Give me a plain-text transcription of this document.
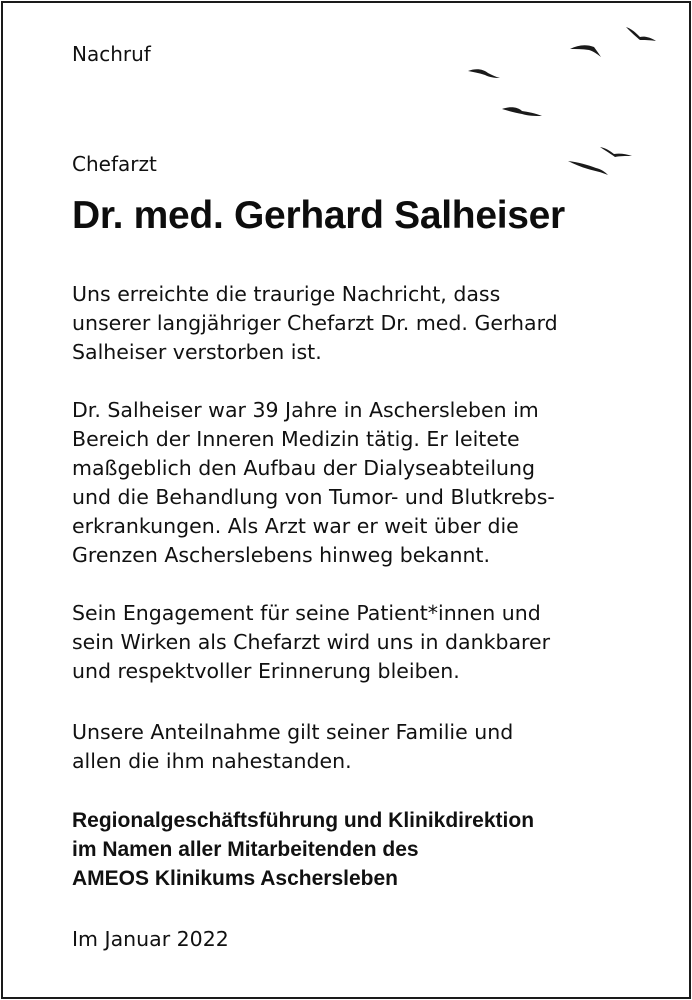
Nachruf

Chefarzt

Dr. med. Gerhard Salheiser
Uns erreichte die traurige Nachricht, dass
unserer langjähriger Chefarzt Dr. med. Gerhard
Salheiser verstorben ist.
Dr. Salheiser war 39 Jahre in Aschersleben im
Bereich der Inneren Medizin tätig. Er leitete
maßgeblich den Aufbau der Dialyseabteilung
und die Behandlung von Tumor- und Blutkrebs-
erkrankungen. Als Arzt war er weit über die
Grenzen Ascherslebens hinweg bekannt.
Sein Engagement für seine Patient*innen und
sein Wirken als Chefarzt wird uns in dankbarer
und respektvoller Erinnerung bleiben.
Unsere Anteilnahme gilt seiner Familie und
allen die ihm nahestanden.
Regionalgeschäftsführung und Klinikdirektion
im Namen aller Mitarbeitenden des
AMEOS Klinikums Aschersleben

Im Januar 2022
